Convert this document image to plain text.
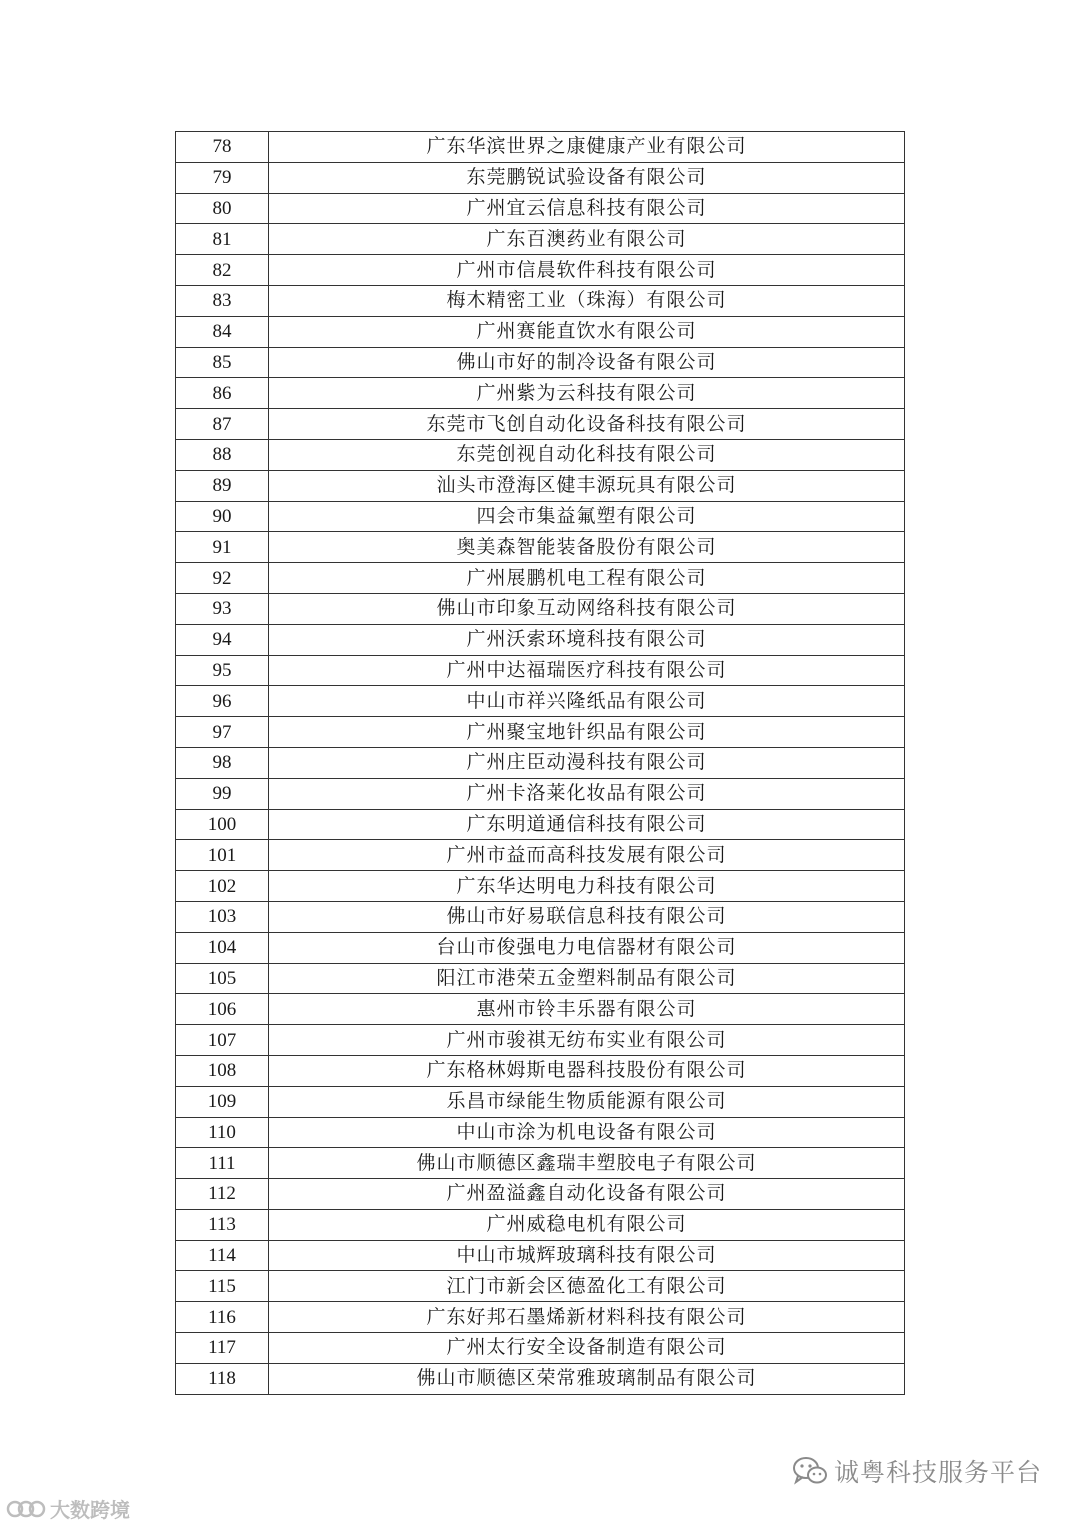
78	广东华滨世界之康健康产业有限公司
79	东莞鹏锐试验设备有限公司
80	广州宜云信息科技有限公司
81	广东百澳药业有限公司
82	广州市信晨软件科技有限公司
83	梅木精密工业（珠海）有限公司
84	广州赛能直饮水有限公司
85	佛山市好的制冷设备有限公司
86	广州紫为云科技有限公司
87	东莞市飞创自动化设备科技有限公司
88	东莞创视自动化科技有限公司
89	汕头市澄海区健丰源玩具有限公司
90	四会市集益氟塑有限公司
91	奥美森智能装备股份有限公司
92	广州展鹏机电工程有限公司
93	佛山市印象互动网络科技有限公司
94	广州沃索环境科技有限公司
95	广州中达福瑞医疗科技有限公司
96	中山市祥兴隆纸品有限公司
97	广州聚宝地针织品有限公司
98	广州庄臣动漫科技有限公司
99	广州卡洛莱化妆品有限公司
100	广东明道通信科技有限公司
101	广州市益而高科技发展有限公司
102	广东华达明电力科技有限公司
103	佛山市好易联信息科技有限公司
104	台山市俊强电力电信器材有限公司
105	阳江市港荣五金塑料制品有限公司
106	惠州市铃丰乐器有限公司
107	广州市骏祺无纺布实业有限公司
108	广东格林姆斯电器科技股份有限公司
109	乐昌市绿能生物质能源有限公司
110	中山市涂为机电设备有限公司
111	佛山市顺德区鑫瑞丰塑胶电子有限公司
112	广州盈溢鑫自动化设备有限公司
113	广州威稳电机有限公司
114	中山市城辉玻璃科技有限公司
115	江门市新会区德盈化工有限公司
116	广东好邦石墨烯新材料科技有限公司
117	广州太行安全设备制造有限公司
118	佛山市顺德区荣常雅玻璃制品有限公司
诚粤科技服务平台
大数跨境
